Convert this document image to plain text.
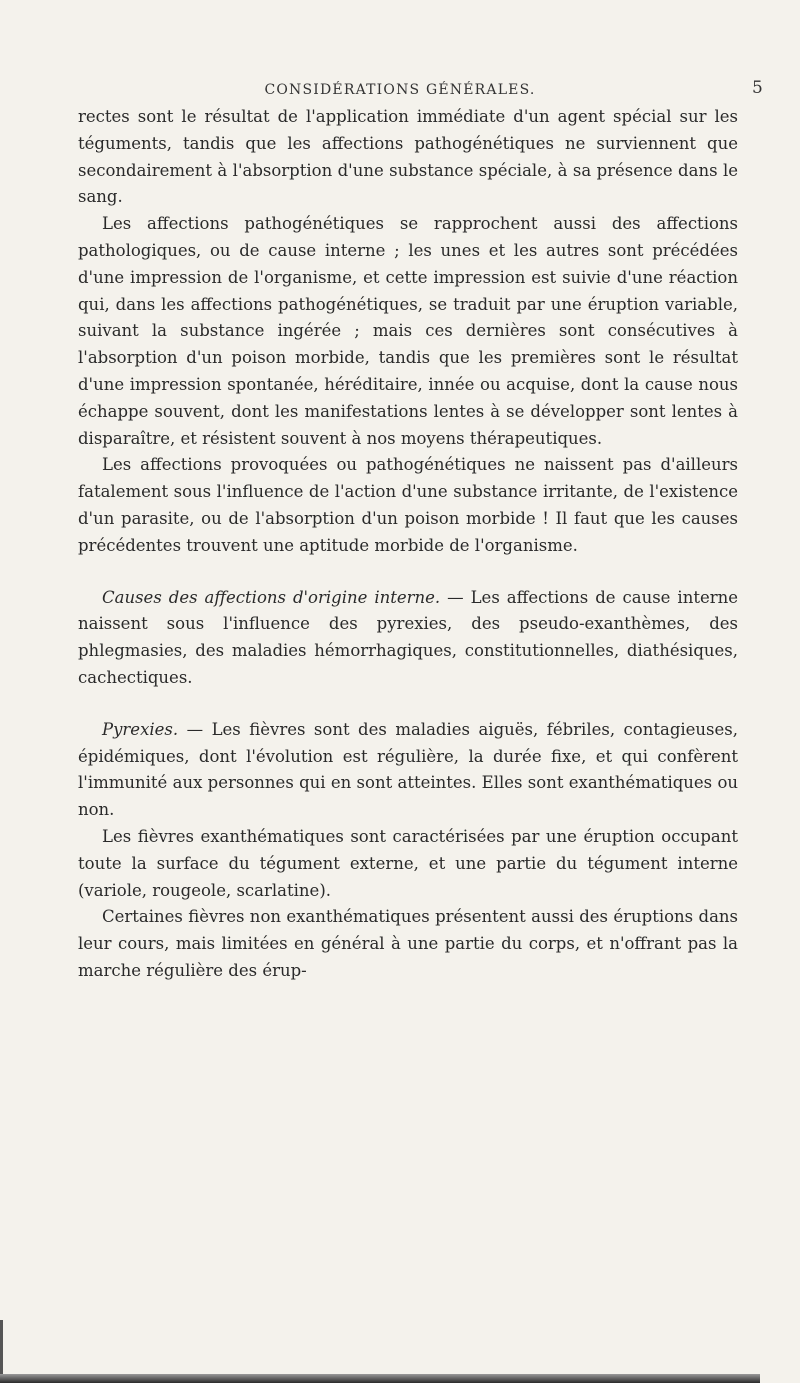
CONSIDÉRATIONS GÉNÉRALES.	5

rectes sont le résultat de l'application immédiate d'un agent spécial sur les téguments, tandis que les affections pathogénétiques ne surviennent que secondairement à l'absorption d'une substance spéciale, à sa présence dans le sang.

Les affections pathogénétiques se rapprochent aussi des affections pathologiques, ou de cause interne ; les unes et les autres sont précédées d'une impression de l'organisme, et cette impression est suivie d'une réaction qui, dans les affections pathogénétiques, se traduit par une éruption variable, suivant la substance ingérée ; mais ces dernières sont consécutives à l'absorption d'un poison morbide, tandis que les premières sont le résultat d'une impression spontanée, héréditaire, innée ou acquise, dont la cause nous échappe souvent, dont les manifestations lentes à se développer sont lentes à disparaître, et résistent souvent à nos moyens thérapeutiques.

Les affections provoquées ou pathogénétiques ne naissent pas d'ailleurs fatalement sous l'influence de l'action d'une substance irritante, de l'existence d'un parasite, ou de l'absorption d'un poison morbide ! Il faut que les causes précédentes trouvent une aptitude morbide de l'organisme.

Causes des affections d'origine interne. — Les affections de cause interne naissent sous l'influence des pyrexies, des pseudo-exanthèmes, des phlegmasies, des maladies hémorrhagiques, constitutionnelles, diathésiques, cachectiques.

Pyrexies. — Les fièvres sont des maladies aiguës, fébriles, contagieuses, épidémiques, dont l'évolution est régulière, la durée fixe, et qui confèrent l'immunité aux personnes qui en sont atteintes. Elles sont exanthématiques ou non.

Les fièvres exanthématiques sont caractérisées par une éruption occupant toute la surface du tégument externe, et une partie du tégument interne (variole, rougeole, scarlatine).

Certaines fièvres non exanthématiques présentent aussi des éruptions dans leur cours, mais limitées en général à une partie du corps, et n'offrant pas la marche régulière des érup-
